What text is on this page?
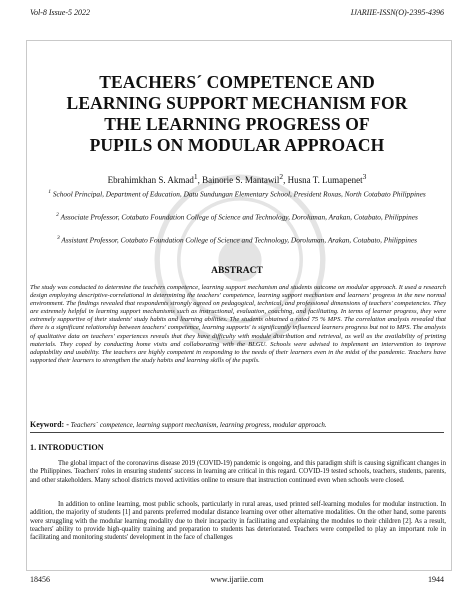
Vol-8 Issue-5 2022	IJARIIE-ISSN(O)-2395-4396
TEACHERS´ COMPETENCE AND
LEARNING SUPPORT MECHANISM FOR
THE LEARNING PROGRESS OF
PUPILS ON MODULAR APPROACH
Ebrahimkhan S. Akmad$^1$, Bainorie S. Mantawil$^2$, Husna T. Lumapenet$^3$
$^1$ School Principal, Department of Education, Datu Sundungan Elementary School, President Roxas, North Cotabato Philippines
$^2$ Associate Professor, Cotabato Foundation College of Science and Technology, Doroluman, Arakan, Cotabato, Philippines
$^3$ Assistant Professor, Cotabato Foundation College of Science and Technology, Doroluman, Arakan, Cotabato, Philippines
ABSTRACT

The study was conducted to determine the teachers competence, learning support mechanism and students outcome on modular approach. It used a research design employing descriptive-correlational in determining the teachers' competence, learning support mechanism and learners' progress in the new normal environment. The findings revealed that respondents strongly agreed on pedagogical, technical, and professional dimensions of teachers' competencies. They are extremely helpful in learning support mechanisms such as instructional, evaluation, coaching, and facilitating. In terms of learner progress, they were extremely supportive of their students' study habits and learning abilities. The students obtained a rated 75 % MPS. The correlation analysis revealed that there is a significant relationship between teachers' competence, learning supports' is significantly influenced learners progress but not to MPS. The analysis of qualitative data on teachers' experiences reveals that they have difficulty with module distribution and retrieval, as well as the availability of printing materials. They coped by conducting home visits and collaborating with the BLGU. Schools were advised to implement an intervention to improve adaptability and usability. The teachers are highly competent in responding to the needs of their learners even in the midst of the pandemic. Teachers have supported their learners to strengthen the study habits and learning skills of the pupils.

Keyword: - Teachers´ competence, learning support mechanism, learning progress, modular approach.
1. INTRODUCTION

The global impact of the coronavirus disease 2019 (COVID-19) pandemic is ongoing, and this paradigm shift is causing significant changes in the Philippines. Teachers' roles in ensuring students' success in learning are critical in this regard. COVID-19 tested schools, teachers, students, parents, and other stakeholders. Many school districts moved activities online to ensure that instruction continued even when schools were closed.

In addition to online learning, most public schools, particularly in rural areas, used printed self-learning modules for modular instruction. In addition, the majority of students [1] and parents preferred modular distance learning over other alternative modalities. On the other hand, some parents were struggling with the modular learning modality due to their incapacity in facilitating and explaining the modules to their children [2]. As a result, teachers' ability to provide high-quality training and preparation to students has deteriorated. Teachers were compelled to play an important role in facilitating and monitoring students' development in the face of challenges

18456	www.ijariie.com	1944
